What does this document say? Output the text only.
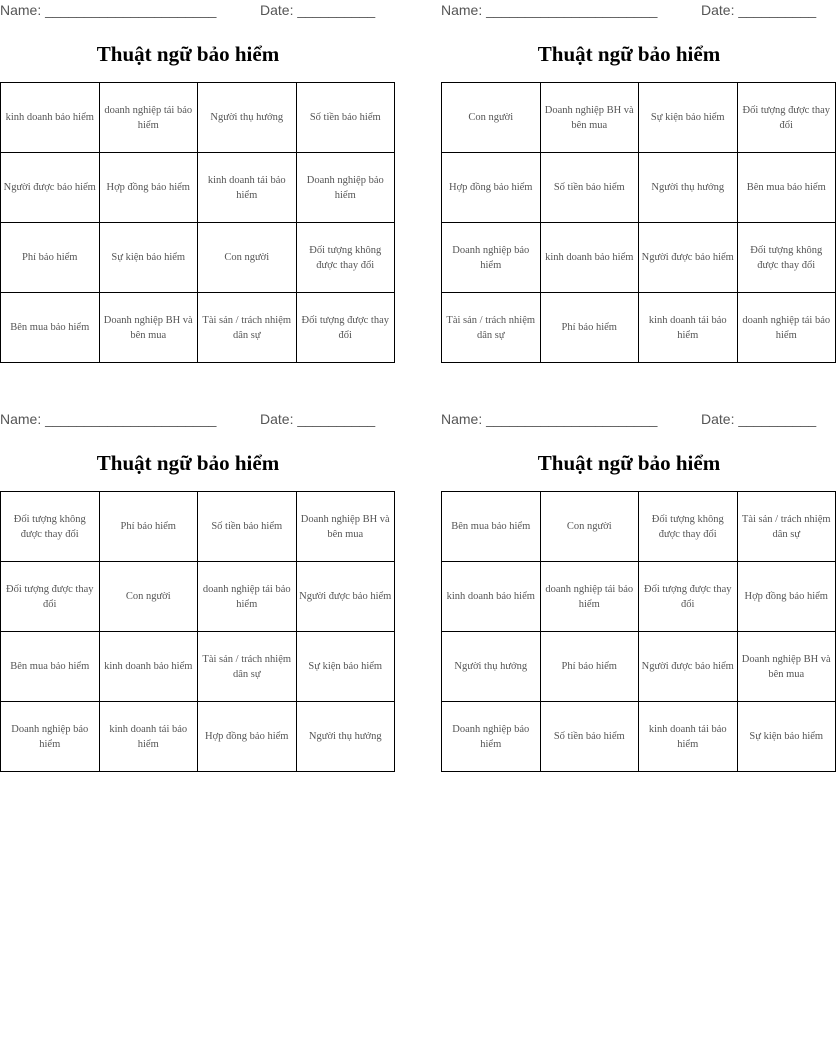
Name: ______________________	Date: __________
Thuật ngữ bảo hiểm
kinh doanh bảo hiểm	doanh nghiệp tái bảo hiểm	Người thụ hưởng	Số tiền bảo hiểm
Người được bảo hiểm	Hợp đồng bảo hiểm	kinh doanh tái bảo hiểm	Doanh nghiệp bảo hiểm
Phí bảo hiểm	Sự kiện bảo hiểm	Con người	Đối tượng không được thay đổi
Bên mua bảo hiểm	Doanh nghiệp BH và bên mua	Tài sản / trách nhiệm dân sự	Đối tượng được thay đổi
Name: ______________________	Date: __________
Thuật ngữ bảo hiểm
Con người	Doanh nghiệp BH và bên mua	Sự kiện bảo hiểm	Đối tượng được thay đổi
Hợp đồng bảo hiểm	Số tiền bảo hiểm	Người thụ hưởng	Bên mua bảo hiểm
Doanh nghiệp bảo hiểm	kinh doanh bảo hiểm	Người được bảo hiểm	Đối tượng không được thay đổi
Tài sản / trách nhiệm dân sự	Phí bảo hiểm	kinh doanh tái bảo hiểm	doanh nghiệp tái bảo hiểm
Name: ______________________	Date: __________
Thuật ngữ bảo hiểm
Đối tượng không được thay đổi	Phí bảo hiểm	Số tiền bảo hiểm	Doanh nghiệp BH và bên mua
Đối tượng được thay đổi	Con người	doanh nghiệp tái bảo hiểm	Người được bảo hiểm
Bên mua bảo hiểm	kinh doanh bảo hiểm	Tài sản / trách nhiệm dân sự	Sự kiện bảo hiểm
Doanh nghiệp bảo hiểm	kinh doanh tái bảo hiểm	Hợp đồng bảo hiểm	Người thụ hưởng
Name: ______________________	Date: __________
Thuật ngữ bảo hiểm
Bên mua bảo hiểm	Con người	Đối tượng không được thay đổi	Tài sản / trách nhiệm dân sự
kinh doanh bảo hiểm	doanh nghiệp tái bảo hiểm	Đối tượng được thay đổi	Hợp đồng bảo hiểm
Người thụ hưởng	Phí bảo hiểm	Người được bảo hiểm	Doanh nghiệp BH và bên mua
Doanh nghiệp bảo hiểm	Số tiền bảo hiểm	kinh doanh tái bảo hiểm	Sự kiện bảo hiểm
